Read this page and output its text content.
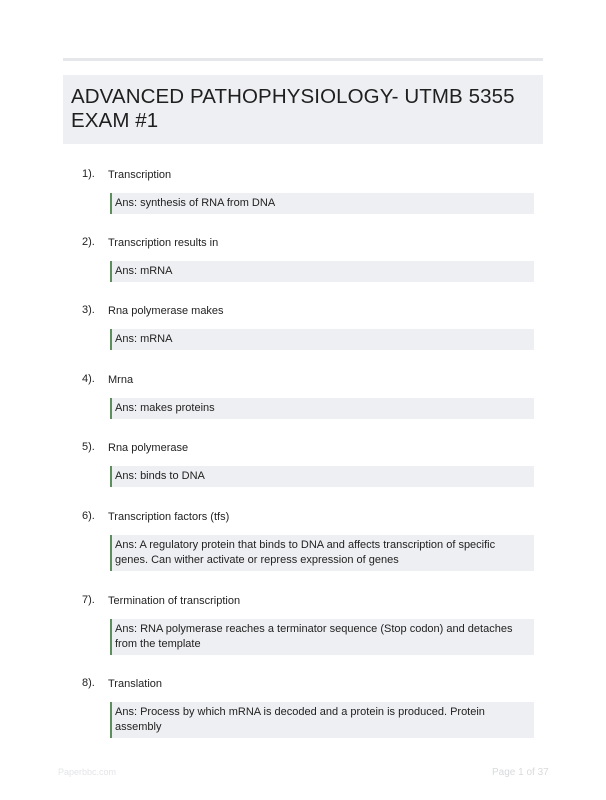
ADVANCED PATHOPHYSIOLOGY- UTMB 5355 EXAM #1
1). Transcription
Ans: synthesis of RNA from DNA
2). Transcription results in
Ans: mRNA
3). Rna polymerase makes
Ans: mRNA
4). Mrna
Ans: makes proteins
5). Rna polymerase
Ans: binds to DNA
6). Transcription factors (tfs)
Ans: A regulatory protein that binds to DNA and affects transcription of specific genes. Can wither activate or repress expression of genes
7). Termination of transcription
Ans: RNA polymerase reaches a terminator sequence (Stop codon) and detaches from the template
8). Translation
Ans: Process by which mRNA is decoded and a protein is produced. Protein assembly
Paperbbc.com	Page 1 of 37
